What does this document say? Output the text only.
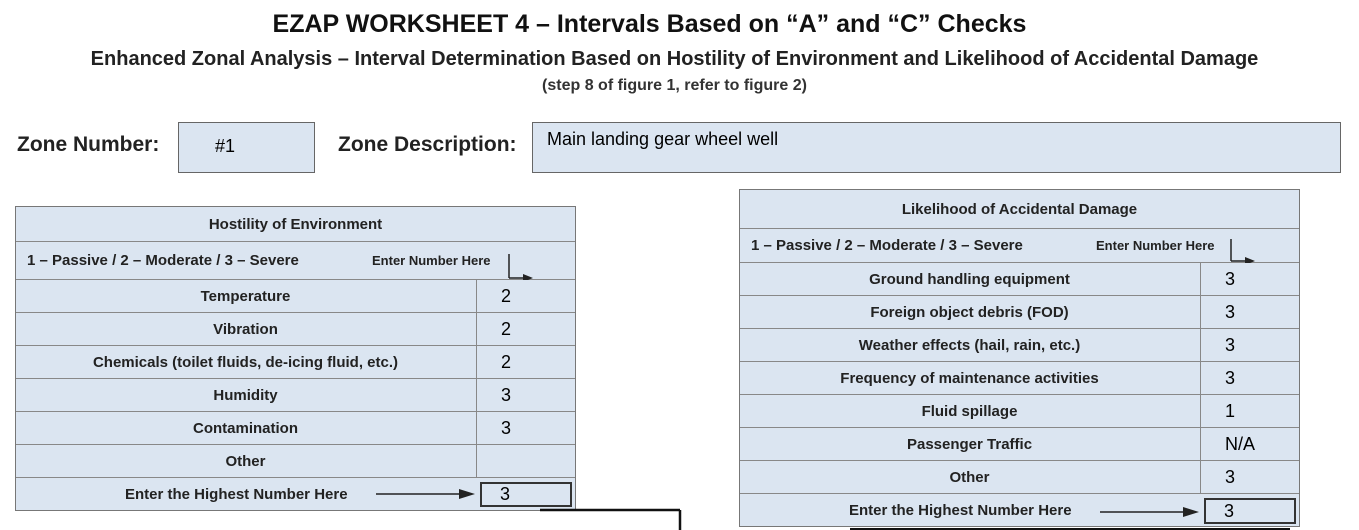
EZAP WORKSHEET 4 – Intervals Based on “A” and “C” Checks
Enhanced Zonal Analysis – Interval Determination Based on Hostility of Environment and Likelihood of Accidental Damage
(step 8 of figure 1, refer to figure 2)
Zone Number:	#1	Zone Description:	Main landing gear wheel well
Hostility of Environment
1 – Passive / 2 – Moderate / 3 – Severe	Enter Number Here
Temperature	2
Vibration	2
Chemicals (toilet fluids, de-icing fluid, etc.)	2
Humidity	3
Contamination	3
Other
Enter the Highest Number Here	3
Likelihood of Accidental Damage
1 – Passive / 2 – Moderate / 3 – Severe	Enter Number Here
Ground handling equipment	3
Foreign object debris (FOD)	3
Weather effects (hail, rain, etc.)	3
Frequency of maintenance activities	3
Fluid spillage	1
Passenger Traffic	N/A
Other	3
Enter the Highest Number Here	3
